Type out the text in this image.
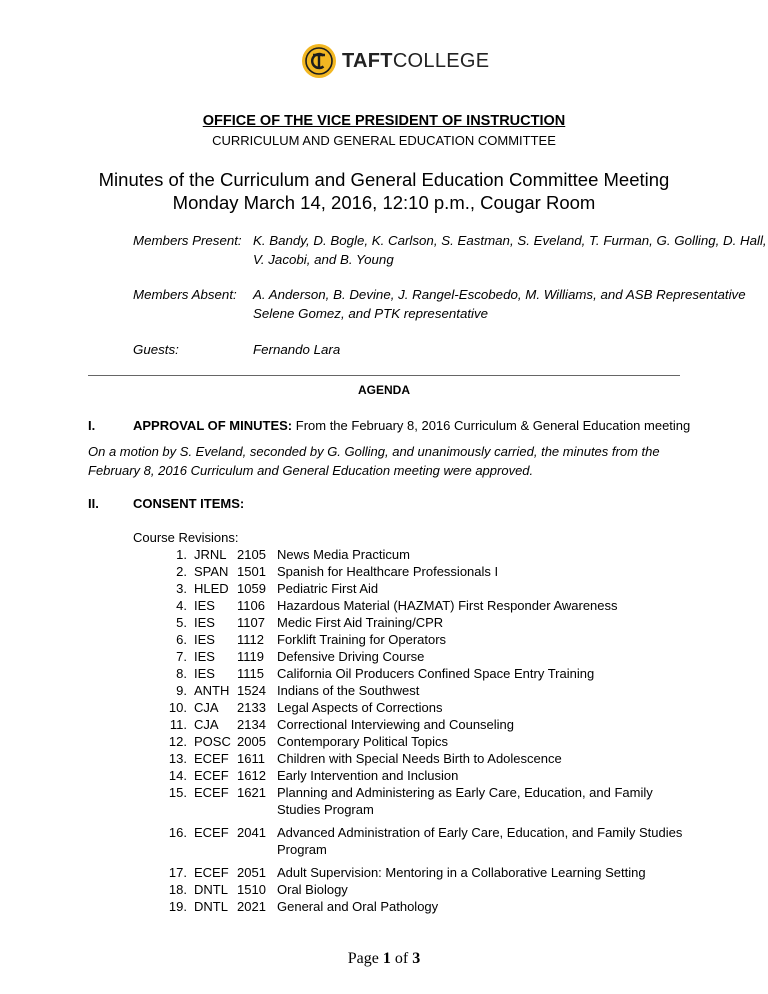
TAFTCOLLEGE
OFFICE OF THE VICE PRESIDENT OF INSTRUCTION
CURRICULUM AND GENERAL EDUCATION COMMITTEE
Minutes of the Curriculum and General Education Committee Meeting
Monday March 14, 2016, 12:10 p.m., Cougar Room
Members Present: K. Bandy, D. Bogle, K. Carlson, S. Eastman, S. Eveland, T. Furman, G. Golling, D. Hall, V. Jacobi, and B. Young
Members Absent:	A. Anderson, B. Devine, J. Rangel-Escobedo, M. Williams, and ASB Representative Selene Gomez, and PTK representative
Guests:	Fernando Lara
AGENDA
I.	APPROVAL OF MINUTES: From the February 8, 2016 Curriculum & General Education meeting
On a motion by S. Eveland, seconded by G. Golling, and unanimously carried, the minutes from the February 8, 2016 Curriculum and General Education meeting were approved.
II.	CONSENT ITEMS:
Course Revisions:
1. JRNL 2105 News Media Practicum
2. SPAN 1501 Spanish for Healthcare Professionals I
3. HLED 1059 Pediatric First Aid
4. IES 1106 Hazardous Material (HAZMAT) First Responder Awareness
5. IES 1107 Medic First Aid Training/CPR
6. IES 1112 Forklift Training for Operators
7. IES 1119 Defensive Driving Course
8. IES 1115 California Oil Producers Confined Space Entry Training
9. ANTH 1524 Indians of the Southwest
10. CJA 2133 Legal Aspects of Corrections
11. CJA 2134 Correctional Interviewing and Counseling
12. POSC 2005 Contemporary Political Topics
13. ECEF 1611 Children with Special Needs Birth to Adolescence
14. ECEF 1612 Early Intervention and Inclusion
15. ECEF 1621 Planning and Administering as Early Care, Education, and Family Studies Program
16. ECEF 2041 Advanced Administration of Early Care, Education, and Family Studies Program
17. ECEF 2051 Adult Supervision: Mentoring in a Collaborative Learning Setting
18. DNTL 1510 Oral Biology
19. DNTL 2021 General and Oral Pathology
Page 1 of 3
